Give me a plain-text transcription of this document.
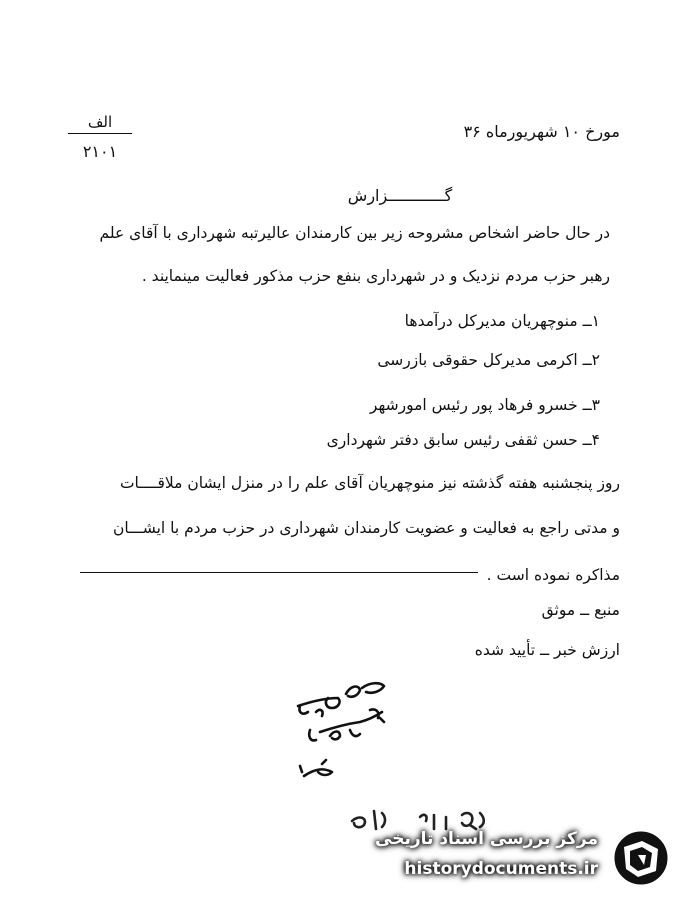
مورخ ۱۰ شهریورماه ۳۶
الف
۲۱۰۱
گــــــــــــزارش
در حال حاضر اشخاص مشروحه زیر بین کارمندان عالیرتبه شهرداری با آقای علم
رهبر حزب مردم نزدیک و در شهرداری بنفع حزب مذکور فعالیت مینمایند .
۱ــ منوچهریان مدیرکل درآمدها
۲ــ اکرمی مدیرکل حقوقی بازرسی
۳ــ خسرو فرهاد پور رئیس امورشهر
۴ــ حسن ثقفی رئیس سابق دفتر شهرداری
روز پنجشنبه هفته گذشته نیز منوچهریان آقای علم را در منزل ایشان ملاقــــات
و مدتی راجع به فعالیت و عضویت کارمندان شهرداری در حزب مردم با ایشـــان
مذاکره نموده است .
منبع ــ موثق
ارزش خبر ــ تأیید شده
مرکز بررسی اسناد تاریخی
historydocuments.ir
